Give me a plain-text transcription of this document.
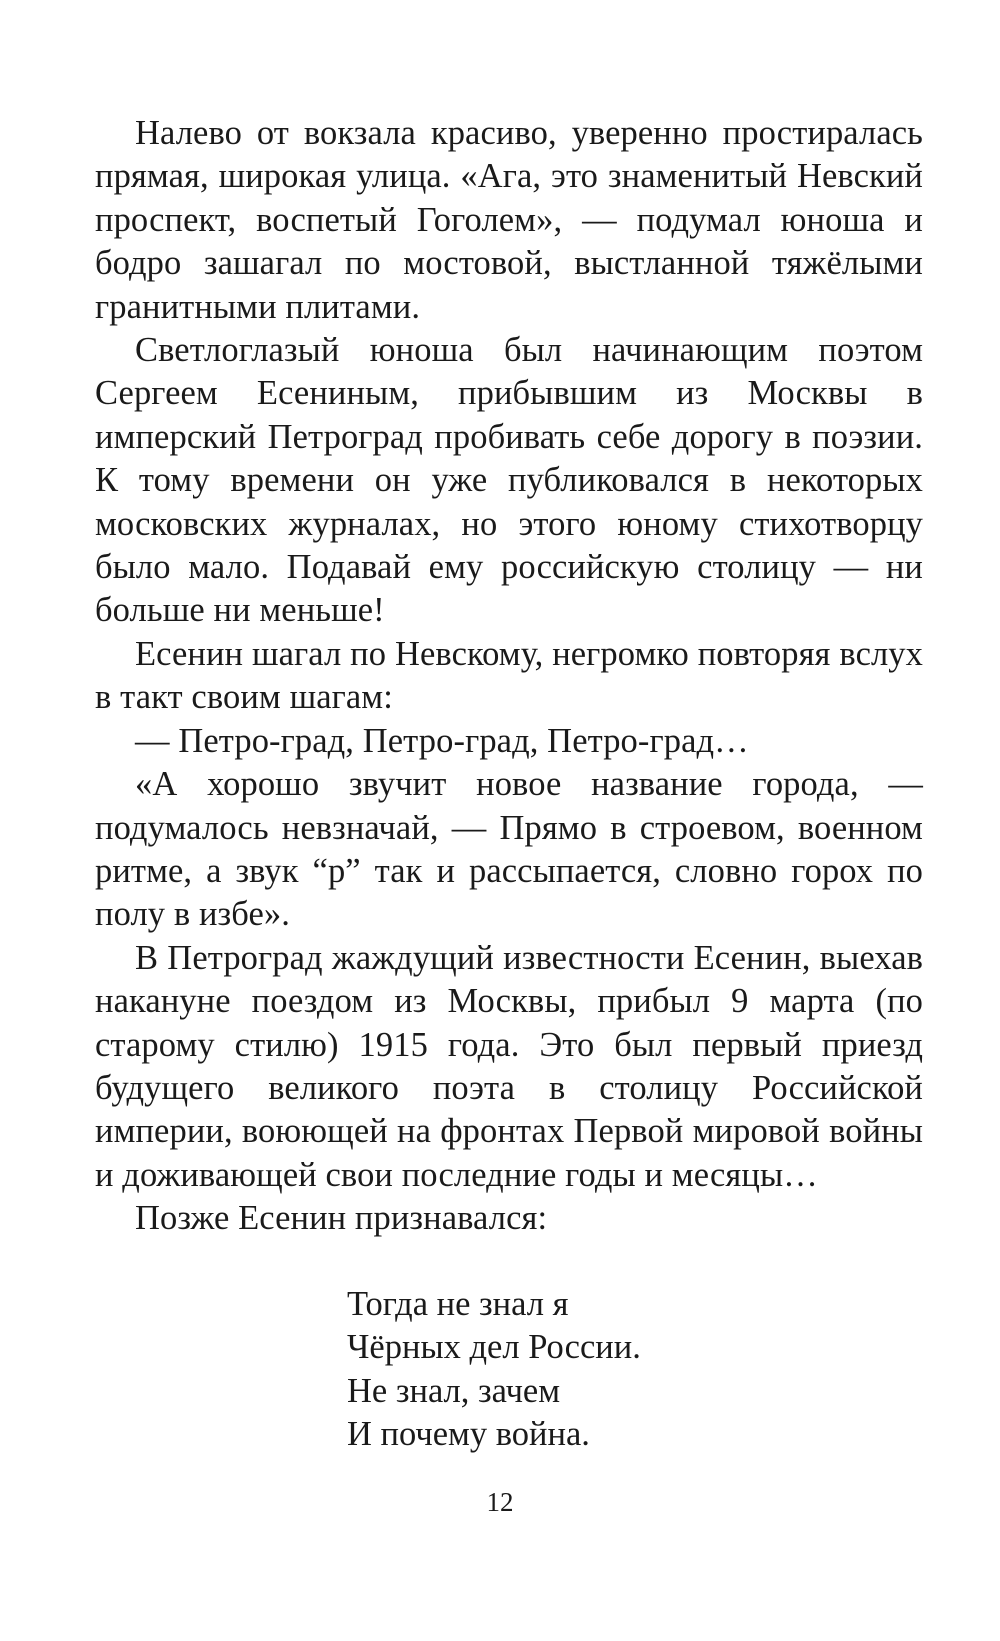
Налево от вокзала красиво, уверенно простиралась прямая, широкая улица. «Ага, это знаменитый Невский проспект, воспетый Гоголем», — подумал юноша и бодро зашагал по мостовой, выстланной тяжёлыми гранитными плитами.

Светлоглазый юноша был начинающим поэтом Сергеем Есениным, прибывшим из Москвы в имперский Петроград пробивать себе дорогу в поэзии. К тому времени он уже публиковался в некоторых московских журналах, но этого юному стихотворцу было мало. Подавай ему российскую столицу — ни больше ни меньше!

Есенин шагал по Невскому, негромко повторяя вслух в такт своим шагам:

— Петро-град, Петро-град, Петро-град…

«А хорошо звучит новое название города, — подумалось невзначай, — Прямо в строевом, военном ритме, а звук “р” так и рассыпается, словно горох по полу в избе».

В Петроград жаждущий известности Есенин, выехав накануне поездом из Москвы, прибыл 9 марта (по старому стилю) 1915 года. Это был первый приезд будущего великого поэта в столицу Российской империи, воюющей на фронтах Первой мировой войны и доживающей свои последние годы и месяцы…

Позже Есенин признавался:

Тогда не знал я
Чёрных дел России.
Не знал, зачем
И почему война.
12
